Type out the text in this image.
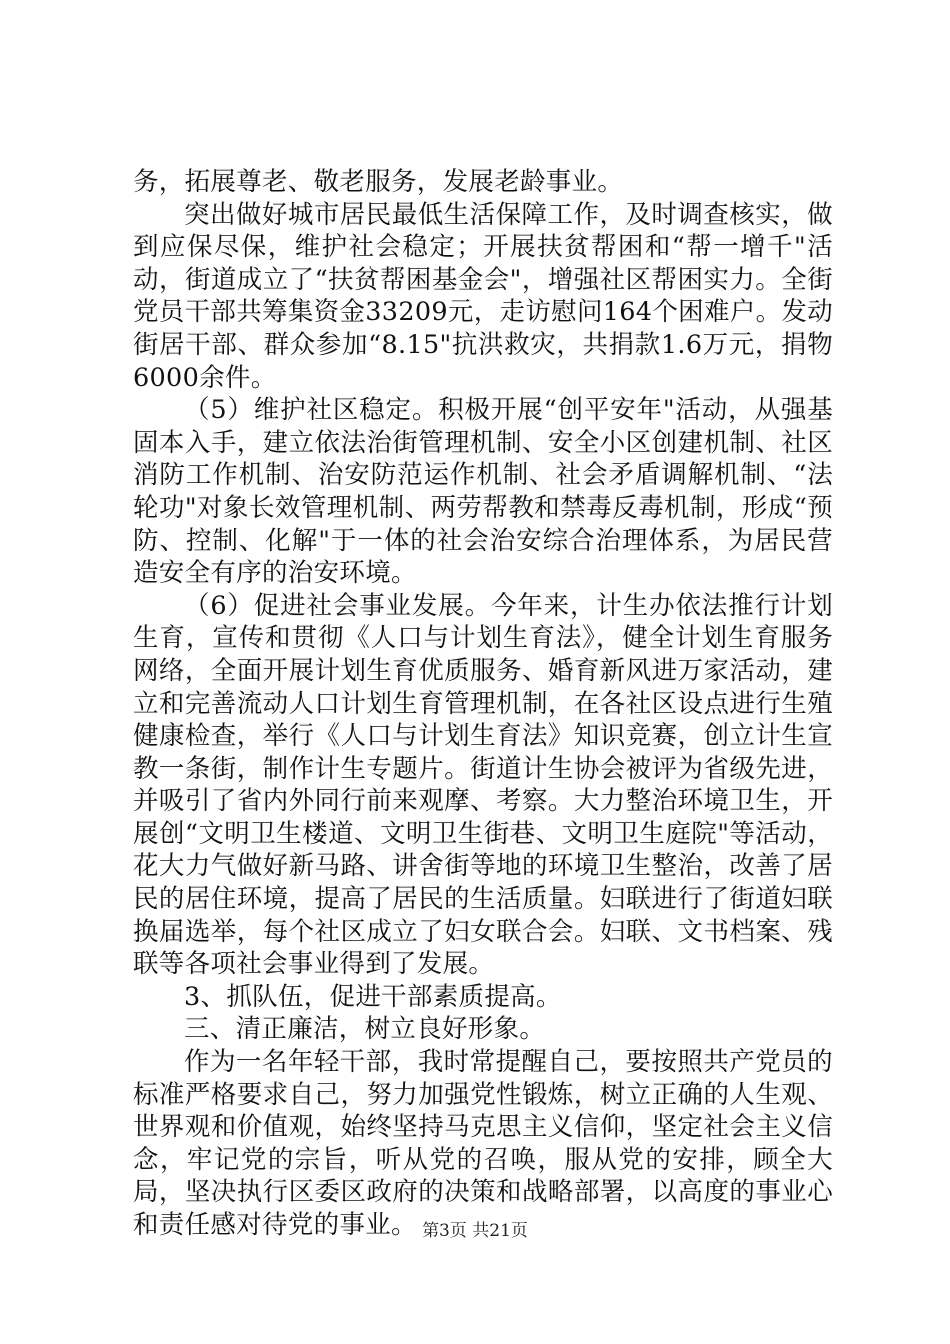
务，拓展尊老、敬老服务，发展老龄事业。

突出做好城市居民最低生活保障工作，及时调查核实，做到应保尽保，维护社会稳定；开展扶贫帮困和“帮一增千"活动，街道成立了“扶贫帮困基金会"，增强社区帮困实力。全街党员干部共筹集资金33209元，走访慰问164个困难户。发动街居干部、群众参加“8.15"抗洪救灾，共捐款1.6万元，捐物6000余件。

（5）维护社区稳定。积极开展“创平安年"活动，从强基固本入手，建立依法治街管理机制、安全小区创建机制、社区消防工作机制、治安防范运作机制、社会矛盾调解机制、“法轮功"对象长效管理机制、两劳帮教和禁毒反毒机制，形成“预防、控制、化解"于一体的社会治安综合治理体系，为居民营造安全有序的治安环境。

（6）促进社会事业发展。今年来，计生办依法推行计划生育，宣传和贯彻《人口与计划生育法》，健全计划生育服务网络，全面开展计划生育优质服务、婚育新风进万家活动，建立和完善流动人口计划生育管理机制，在各社区设点进行生殖健康检查，举行《人口与计划生育法》知识竞赛，创立计生宣教一条街，制作计生专题片。街道计生协会被评为省级先进，并吸引了省内外同行前来观摩、考察。大力整治环境卫生，开展创“文明卫生楼道、文明卫生街巷、文明卫生庭院"等活动，花大力气做好新马路、讲舍街等地的环境卫生整治，改善了居民的居住环境，提高了居民的生活质量。妇联进行了街道妇联换届选举，每个社区成立了妇女联合会。妇联、文书档案、残联等各项社会事业得到了发展。

3、抓队伍，促进干部素质提高。

三、清正廉洁，树立良好形象。

作为一名年轻干部，我时常提醒自己，要按照共产党员的标准严格要求自己，努力加强党性锻炼，树立正确的人生观、世界观和价值观，始终坚持马克思主义信仰，坚定社会主义信念，牢记党的宗旨，听从党的召唤，服从党的安排，顾全大局，坚决执行区委区政府的决策和战略部署，以高度的事业心和责任感对待党的事业。 第3页 共21页
